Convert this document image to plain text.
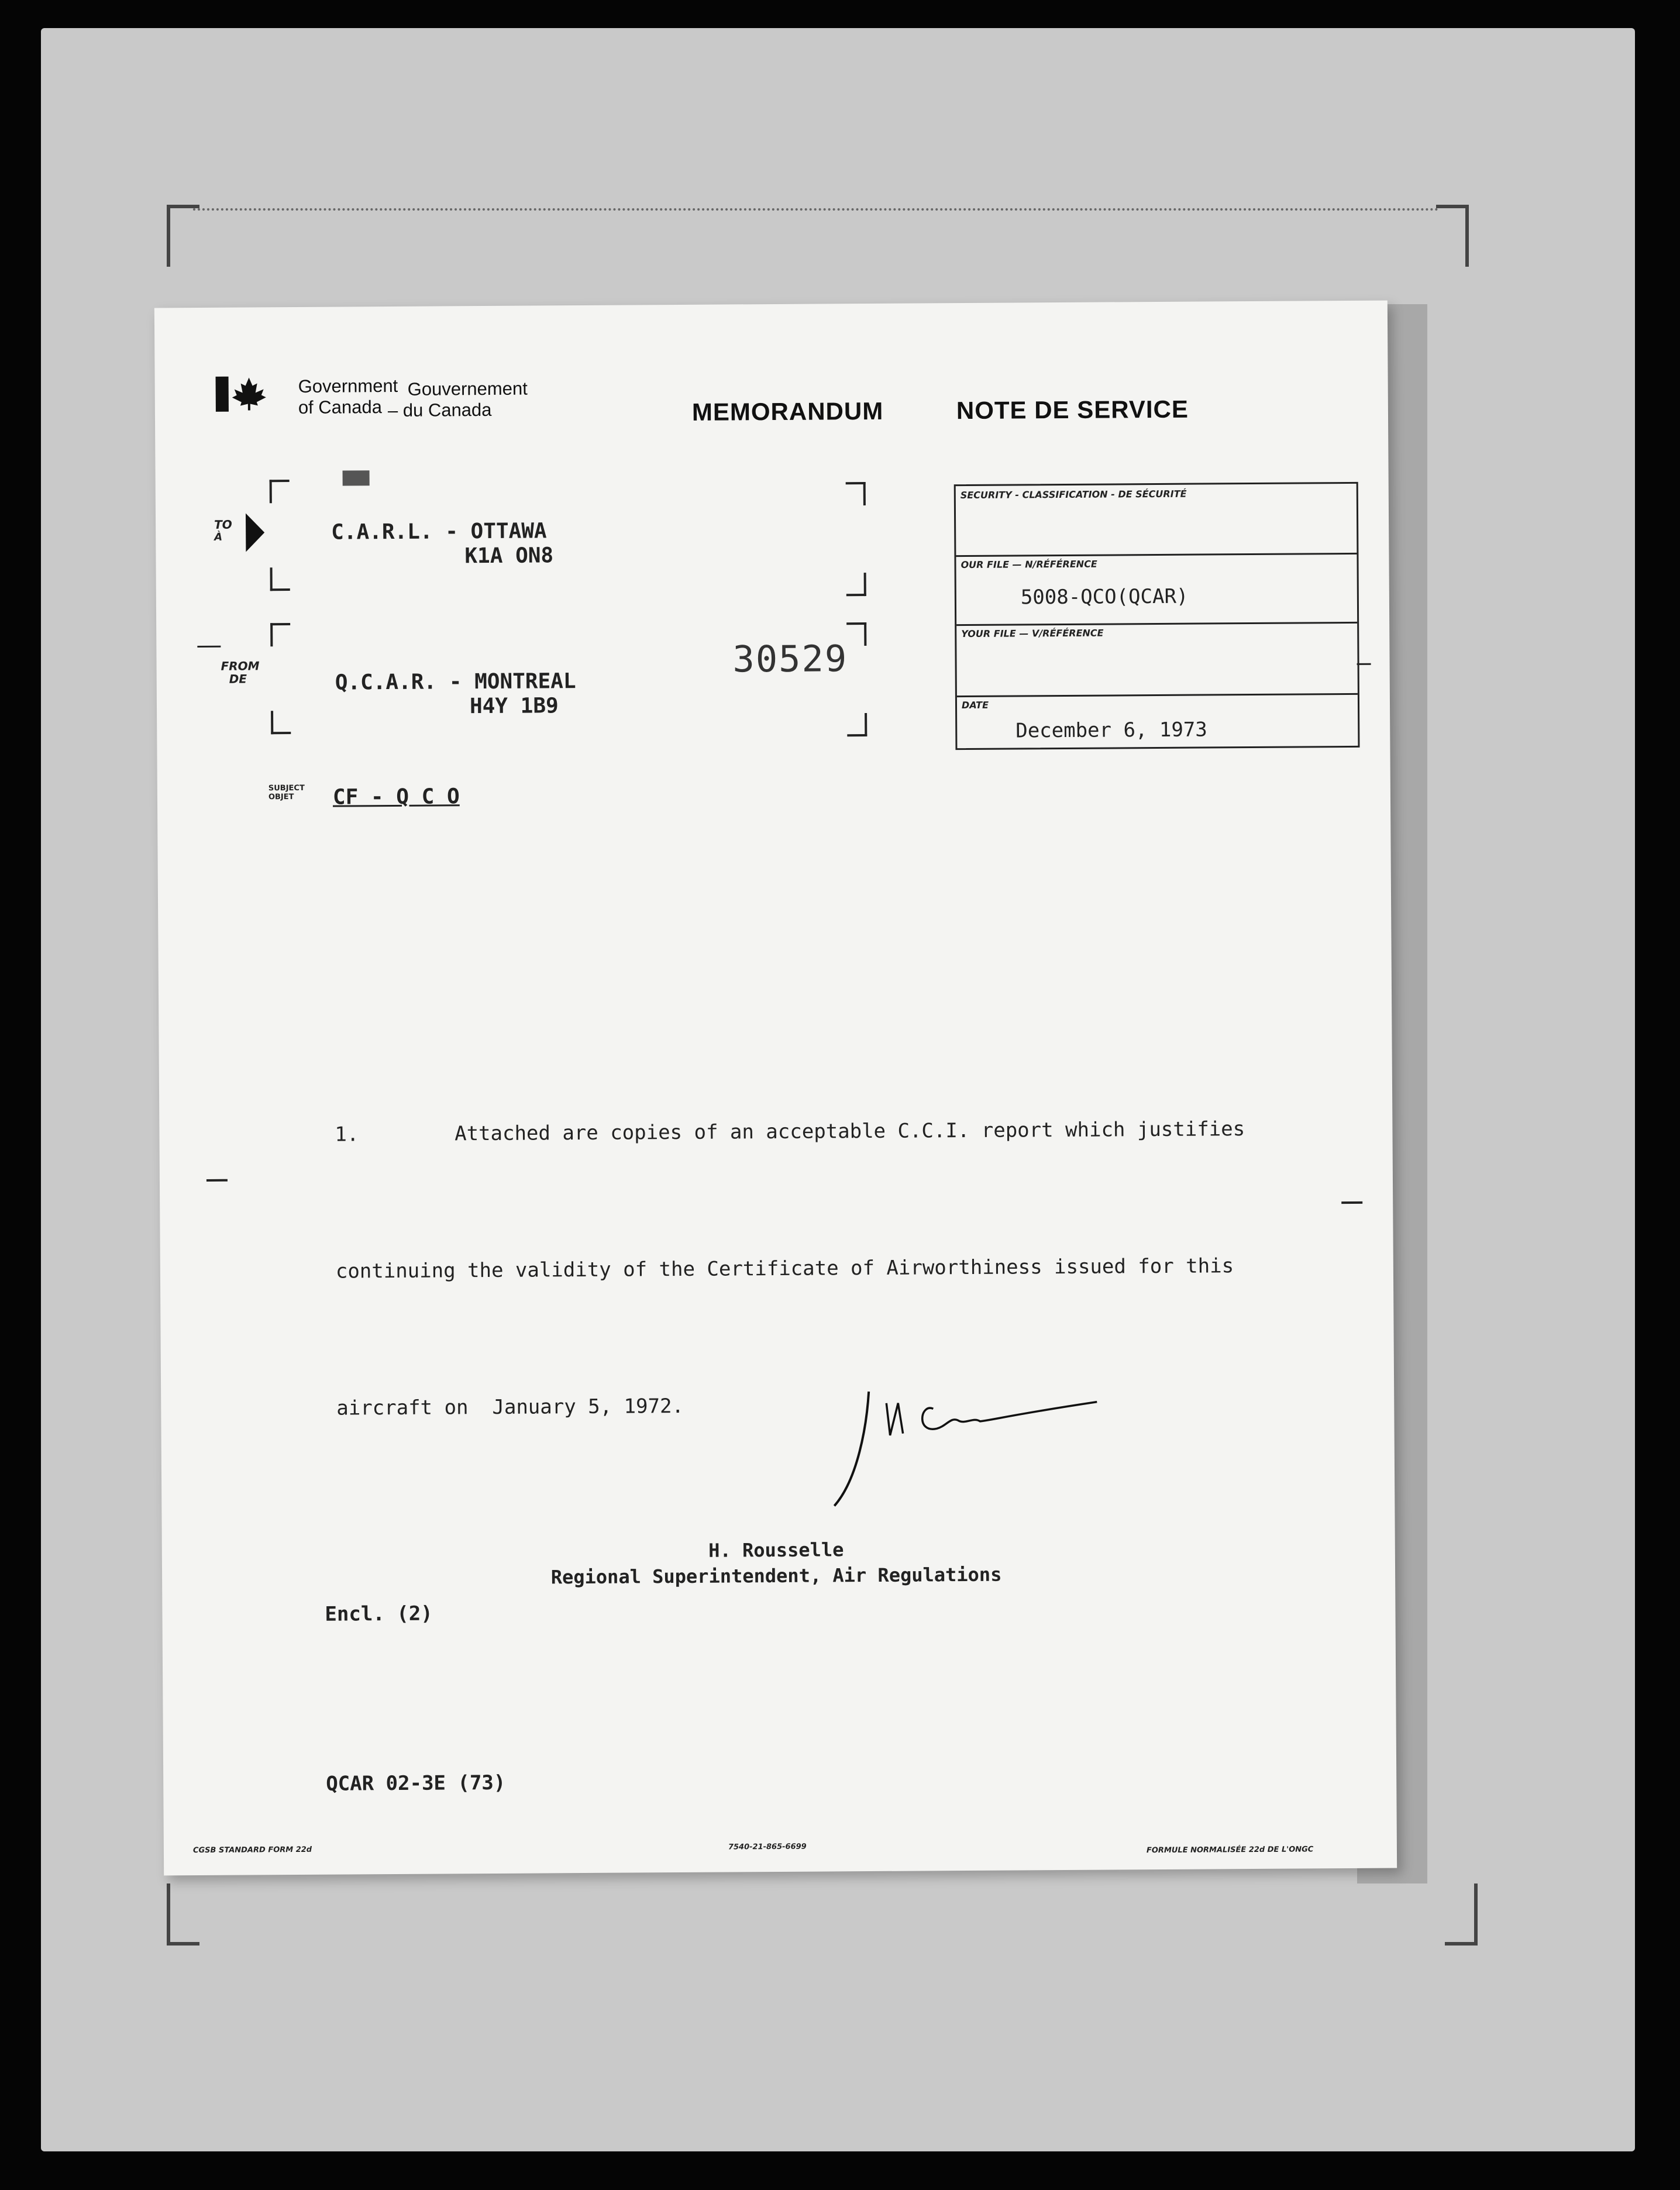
Government
of Canada
Gouvernement
– du Canada	MEMORANDUM	NOTE DE SERVICE
TO
À	C.A.R.L. - OTTAWA
K1A ON8
FROM
DE	Q.C.A.R. - MONTREAL
H4Y 1B9
SUBJECT
OBJET	CF - Q C O
30529
SECURITY - CLASSIFICATION - DE SÉCURITÉ
OUR FILE — N/RÉFÉRENCE
5008-QCO(QCAR)
YOUR FILE — V/RÉFÉRENCE
DATE
December 6, 1973

1.        Attached are copies of an acceptable C.C.I. report which justifies

continuing the validity of the Certificate of Airworthiness issued for this

aircraft on  January 5, 1972.

H. Rousselle
Regional Superintendent, Air Regulations
Encl. (2)
QCAR 02-3E (73)
CGSB STANDARD FORM 22d	7540-21-865-6699	FORMULE NORMALISÉE 22d DE L'ONGC
